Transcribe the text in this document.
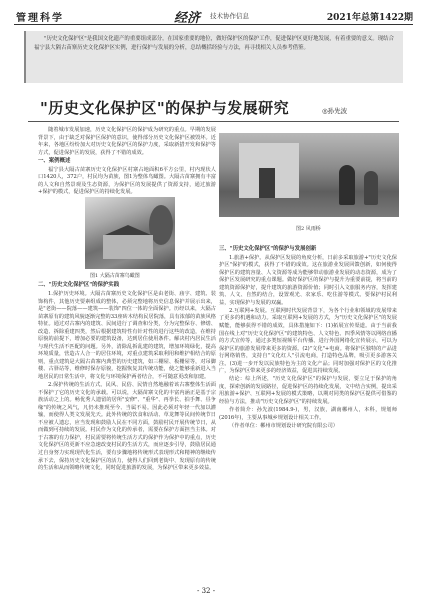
管理科学	经济 技术协作信息	2021年总第1422期

"历史文化保护区"是我国文化遗产的重要组成部分，在国家重要的地位，做好保护区的保护工作，促进保护区更好地发展，有着重要的意义。现结合福宁县大隔古苗寨历史文化保护区实例，进行保护与发展的分析，总结概括经验与方法，再寻找相关人员参考借鉴。

"历史文化保护区"的保护与发展研究	◎孙先波

随着城市发展加速，历史文化保护区的保护成为研究的重点。早期的发展背景下，由于缺乏对保护区保护的意识，使得部分历史文化保护区被毁坏。近年来，各地区纷纷加大对历史文化保护区的保护力度，采取新措开发和保护等方式，促进保护区的发展，获得了不错的成效。

一、案例概述

福宁县大隔古苗寨历史文化保护区村寨占地面积6平方公里，村内现状人口1420人，372户，村民均为苗族，图1为整体鸟瞰图。大隔古苗寨拥有丰富的人文和自然景观及生态资源，为保护区的发展提供了资源支持，通过旅游+保护的模式，促进保护区的持续化发展。

二、"历史文化保护区"的保护实践

1.保护历史环境。大隔古苗寨历史文化保护区是由老街、庙宇、建筑、装饰构件，其他历史要素组成的整体，必须完整地将历史信息保护并展示出来，是"老街——院落——建筑——装饰"四位一体的全面保护。历经以来，大隔古苗寨原有的建筑风貌逐渐完整的33座砖木结构民居院落，具有浓郁的苗族风格特征。通过对古寨内的建筑、民间进行了调查和分类，分为完整保存、修缮、改造、拆除重建四类，然后根据建筑特性有针对性的进行这些的改造，在维持原貌的前提下，增加必要的建筑设备，达到居住使用条件。解决村内居民生活与现代生活不匹配的问题。另外，清除乱拆乱建的建筑，增加环境绿化，提高环境质量，营造古人合一的居住环境，对重点建筑采取利用和维护相结合的原则，重点建筑是大隔古苗寨内典型的历史建筑，如三棚屋、板栅屋等，对吊脚楼、古驿站等，维修时保存原貌，挖掘恢复其传统功能，使之能够重新进入当地居民的日常生活中，将文化与环境保护两者结合，不可随意更改和加建。

2.保护传统的生活方式。民风、民俗、民情自然地融着该古寨整体生活面不保护了它的历史文化的承载。可以说，大隔苗寨文化的丰富内涵正是基于宗族活动之上的。畅优秀人遗留的居所"安修"、"重华"、再拳长、拍手舞、昼争缘"的传统之风气，凡仍未推现至今、当属不易。因此必须对年轻一代加以灌输，而使得人类文发展先天。此外传统的饮食和活动、草龙舞等民间传统节日不应被人遗忘，应当发现和鼓励人民在不同方面，鼓励村民开展传统节日，从而做到可持续的发展。村民作为文化的传承者，需要在保护方面担当主体。对于古寨的有力保护，村民需要将传统生活方式的保护作为保护中的重点，历史文化保护区的更新不应急速改变村民的生活方式，而应逐步引导，鼓励居民通过自身努力实现现代化生活，要有步骤地将传统形式表现形式和精神的继续传承下去，保持历史文化保护区的活力，使得人们回到老街中、发现原有的传统的生活和从而领略传统文化，同时促进旅游的发展，为保护区带来更多效益。

图1 大隔古苗寨鸟瞰图
图2 风雨桥

三、"历史文化保护区"的保护与发展创新

1.旅游+保护。从保护区发展的角度分析，日前多采取旅游+"历史文化保护区"保护的模式，获得了不错的成效。这在旅游业发展回馈创新，如何使得保护区的建筑容量、人文资源等成为能够带动旅游业发展的动态资源，成为了保护区发展研究的重点课题。做好保护区的保护与提升为重要前提，将当前的建筑资源保护好，提升建筑的旅游资源价值；同时引入文旅服务内容，发挥建筑、人文、自然的结合，设置观光、农家乐、吃住游等模式。要保护村民利益，实现保护与发展的双赢。

2.互联网+发展。互联网时代发展背景下，为各个行业和领域的发展带来了更多的机遇和动力。采取互联网+发展的方式，为"历史文化保护区"的发展赋能，能够获得不错的成效，具体措施如下：(1)拓展宣传渠道。由于当前我国在线上对"历史文化保护区"的建筑特色、人文特色、四季风情等以网络直播的方式宣传等，通过多类短视频平台传播、进行外国网络化宣传展示，可以为保护区的旅游发展带来更多的资源。(2)"文化"+电商。将保护区独特的产品进行网络销售，支持自"文化红人"引流电商，打造特色品牌，吸引更多游客关注。(3)进一步开发以民族特色为主的文化产品；同时加强对保护区的文化推广，为保护区带来更多的经济效益，促进其持续发展。

结论：综上所述，"历史文化保护区"的保护与发展，要立足于保护的角度，探索创新的发展路径，促进保护区的持续化发展，文中结合实例，提出采用旅游+保护、互联网+发展的模式策略，以期对同类的保护区提供可借鉴的经验与方法，推动"历史文化保护区"的持续发展。

作者简介：孙先波(1984.9-)，男，汉族，湖南郴州人，本科，规划师(2016年)，主要从事城乡规划设计相关工作。

（作者单位：郴州市规划设计研究院有限公司）

- 32 -
